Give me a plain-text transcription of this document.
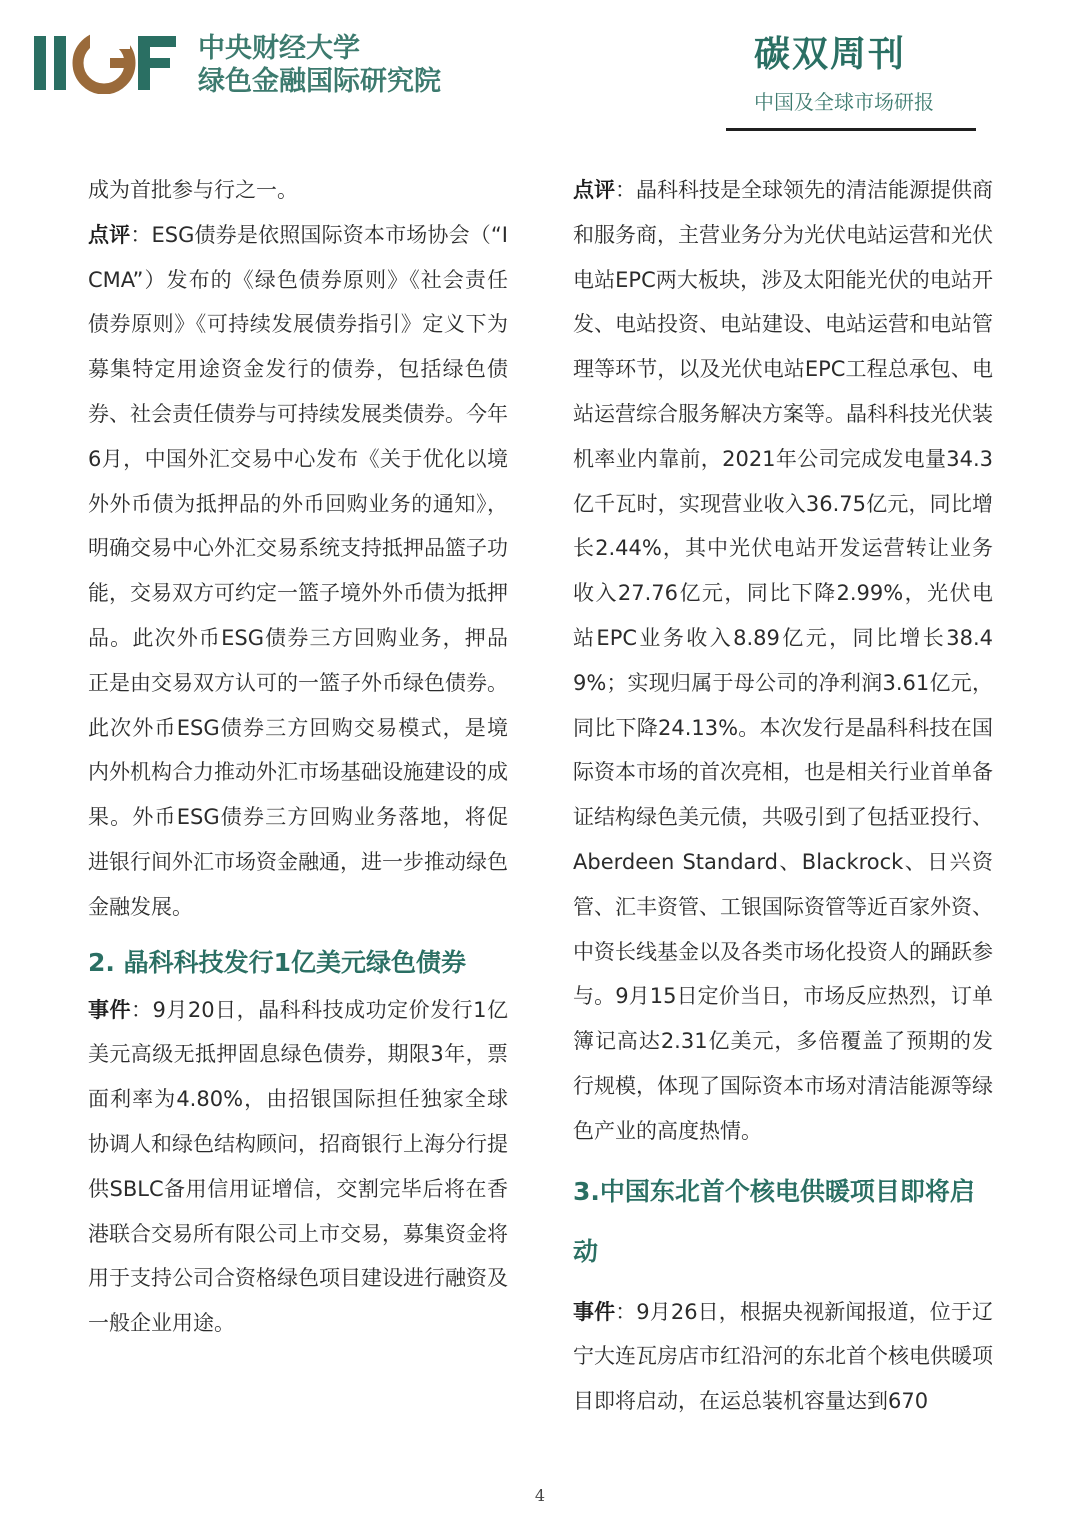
中央财经大学
绿色金融国际研究院
碳双周刊
中国及全球市场研报

成为首批参与行之一。

点评：ESG债券是依照国际资本市场协会（“ICMA”）发布的《绿色债券原则》《社会责任债券原则》《可持续发展债券指引》定义下为募集特定用途资金发行的债券，包括绿色债券、社会责任债券与可持续发展类债券。今年6月，中国外汇交易中心发布《关于优化以境外外币债为抵押品的外币回购业务的通知》，明确交易中心外汇交易系统支持抵押品篮子功能，交易双方可约定一篮子境外外币债为抵押品。此次外币ESG债券三方回购业务，押品正是由交易双方认可的一篮子外币绿色债券。此次外币ESG债券三方回购交易模式，是境内外机构合力推动外汇市场基础设施建设的成果。外币ESG债券三方回购业务落地，将促进银行间外汇市场资金融通，进一步推动绿色金融发展。

2. 晶科科技发行1亿美元绿色债券

事件：9月20日，晶科科技成功定价发行1亿美元高级无抵押固息绿色债券，期限3年，票面利率为4.80%，由招银国际担任独家全球协调人和绿色结构顾问，招商银行上海分行提供SBLC备用信用证增信，交割完毕后将在香港联合交易所有限公司上市交易，募集资金将用于支持公司合资格绿色项目建设进行融资及一般企业用途。

点评：晶科科技是全球领先的清洁能源提供商和服务商，主营业务分为光伏电站运营和光伏电站EPC两大板块，涉及太阳能光伏的电站开发、电站投资、电站建设、电站运营和电站管理等环节，以及光伏电站EPC工程总承包、电站运营综合服务解决方案等。晶科科技光伏装机率业内靠前，2021年公司完成发电量34.3亿千瓦时，实现营业收入36.75亿元，同比增长2.44%，其中光伏电站开发运营转让业务收入27.76亿元，同比下降2.99%，光伏电站EPC业务收入8.89亿元，同比增长38.49%；实现归属于母公司的净利润3.61亿元，同比下降24.13%。本次发行是晶科科技在国际资本市场的首次亮相，也是相关行业首单备证结构绿色美元债，共吸引到了包括亚投行、Aberdeen Standard、Blackrock、日兴资管、汇丰资管、工银国际资管等近百家外资、中资长线基金以及各类市场化投资人的踊跃参与。9月15日定价当日，市场反应热烈，订单簿记高达2.31亿美元，多倍覆盖了预期的发行规模，体现了国际资本市场对清洁能源等绿色产业的高度热情。

3.中国东北首个核电供暖项目即将启动

事件：9月26日，根据央视新闻报道，位于辽宁大连瓦房店市红沿河的东北首个核电供暖项目即将启动，在运总装机容量达到670

4
